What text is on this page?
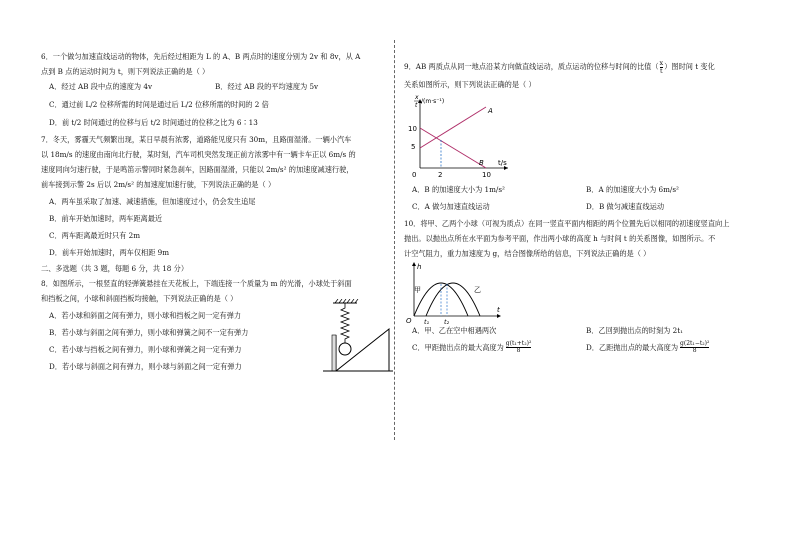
6．一个做匀加速直线运动的物体，先后经过相距为 L 的 A、B 两点时的速度分别为 2v 和 8v，从 A

点到 B 点的运动时间为 t，则下列说法正确的是（ ）

A．经过 AB 段中点的速度为 4v	B．经过 AB 段的平均速度为 5v

C．通过前 L/2 位移所需的时间是通过后 L/2 位移所需的时间的 2 倍

D．前 t/2 时间通过的位移与后 t/2 时间通过的位移之比为 6∶13

7．冬天，雾霾天气频繁出现，某日早晨有浓雾，道路能见度只有 30m，且路面湿滑。一辆小汽车

以 18m/s 的速度由南向北行驶，某时刻，汽车司机突然发现正前方浓雾中有一辆卡车正以 6m/s 的

速度同向匀速行驶，于是鸣笛示警同时紧急刹车，因路面湿滑，只能以 2m/s² 的加速度减速行驶，

前车接到示警 2s 后以 2m/s² 的加速度加速行驶，下列说法正确的是（ ）

A．两车虽采取了加速、减速措施，但加速度过小，仍会发生追尾

B．前车开始加速时，两车距离最近

C．两车距离最近时只有 2m

D．前车开始加速时，两车仅相距 9m

二、多选题（共 3 题，每题 6 分，共 18 分）

8．如图所示，一根竖直的轻弹簧悬挂在天花板上，下端连接一个质量为 m 的光滑，小球处于斜面

和挡板之间，小球和斜面挡板均接触，下列说法正确的是（ ）

A．若小球和斜面之间有弹力，则小球和挡板之间一定有弹力

B．若小球与斜面之间有弹力，则小球和弹簧之间不一定有弹力

C．若小球与挡板之间有弹力，则小球和弹簧之间一定有弹力

D．若小球与斜面之间有弹力，则小球与斜面之间一定有弹力

9．AB 两质点从同一地点沿某方向做直线运动，质点运动的位移与时间的比值（ $\frac{x}{t}$ ）图时间 t 变化

关系如图所示，则下列说法正确的是（ ）

x
t
/(m·s⁻¹)
10
5
0	2	10
t/s
A
B
A．B 的加速度大小为 1m/s²	B．A 的加速度大小为 6m/s²
C．A 做匀加速直线运动	D．B 做匀减速直线运动

10．将甲、乙两个小球（可视为质点）在同一竖直平面内相距的两个位置先后以相同的初速度竖直向上

抛出。以抛出点所在水平面为参考平面，作出两小球的高度 h 与时间 t 的关系图像，如图所示。不

计空气阻力，重力加速度为 g，结合图像所给的信息，下列说法正确的是（ ）

h
t
O
甲	乙
t₁ t₂
A．甲、乙在空中相遇两次	B．乙回到抛出点的时刻为 2t₁
C．甲距抛出点的最大高度为 $\frac{\text{g(t₁+t₂)²}}{8}$	D．乙距抛出点的最大高度为 $\frac{\text{g(2t₁−t₂)²}}{8}$
